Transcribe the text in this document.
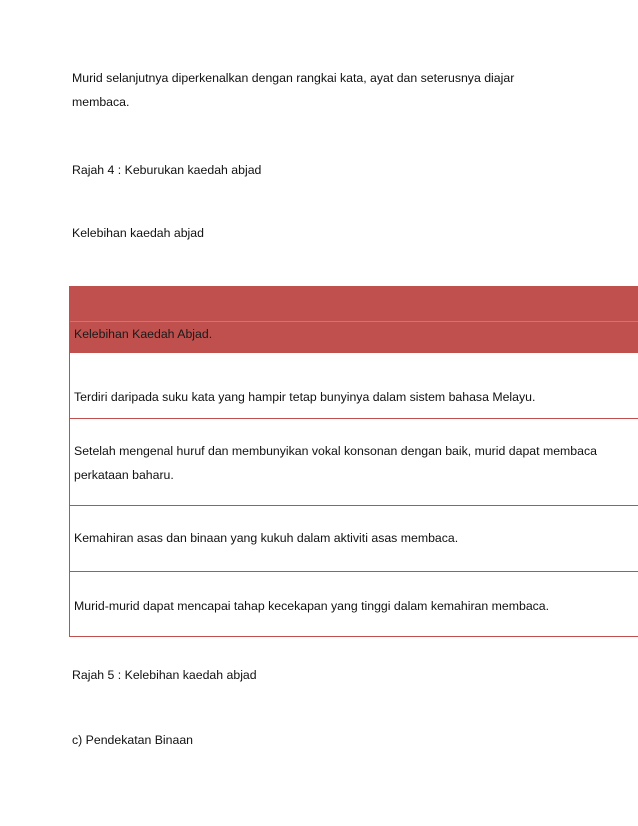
Murid selanjutnya diperkenalkan dengan rangkai kata, ayat dan seterusnya diajar
membaca.

Rajah 4 : Keburukan kaedah abjad

Kelebihan kaedah abjad

Kelebihan Kaedah Abjad.
Terdiri daripada suku kata yang hampir tetap bunyinya dalam sistem bahasa Melayu.
Setelah mengenal huruf dan membunyikan vokal konsonan dengan baik, murid dapat membaca
perkataan baharu.
Kemahiran asas dan binaan yang kukuh dalam aktiviti asas membaca.
Murid-murid dapat mencapai tahap kecekapan yang tinggi dalam kemahiran membaca.

Rajah 5 : Kelebihan kaedah abjad

c) Pendekatan Binaan
